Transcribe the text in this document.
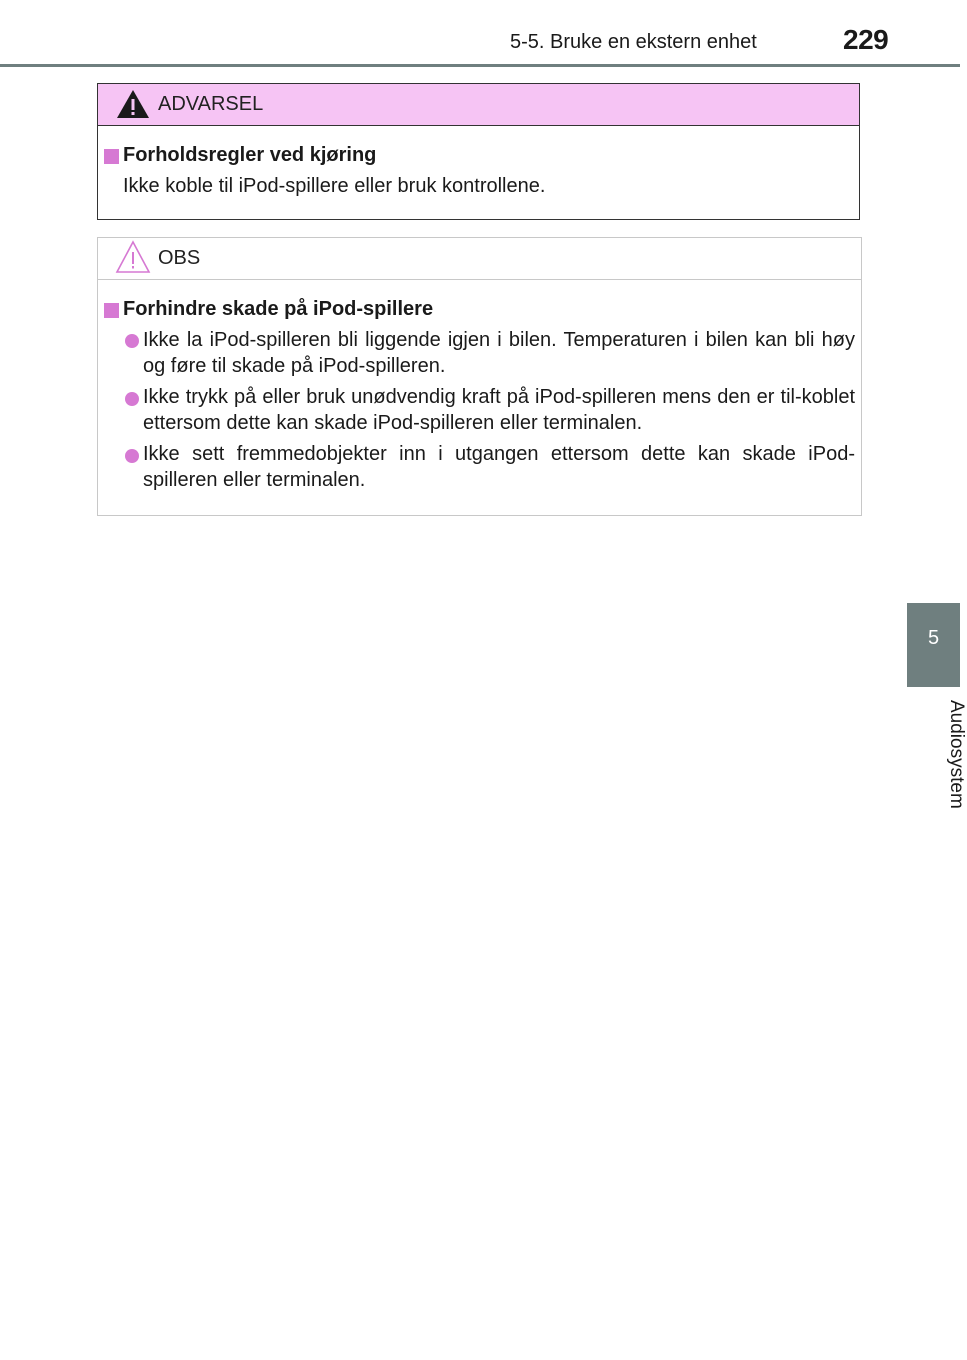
5-5. Bruke en ekstern enhet	229
ADVARSEL
Forholdsregler ved kjøring
Ikke koble til iPod-spillere eller bruk kontrollene.
OBS
Forhindre skade på iPod-spillere
Ikke la iPod-spilleren bli liggende igjen i bilen. Temperaturen i bilen kan bli høy og føre til skade på iPod-spilleren.
Ikke trykk på eller bruk unødvendig kraft på iPod-spilleren mens den er til-koblet ettersom dette kan skade iPod-spilleren eller terminalen.
Ikke sett fremmedobjekter inn i utgangen ettersom dette kan skade iPod-spilleren eller terminalen.
5
Audiosystem
